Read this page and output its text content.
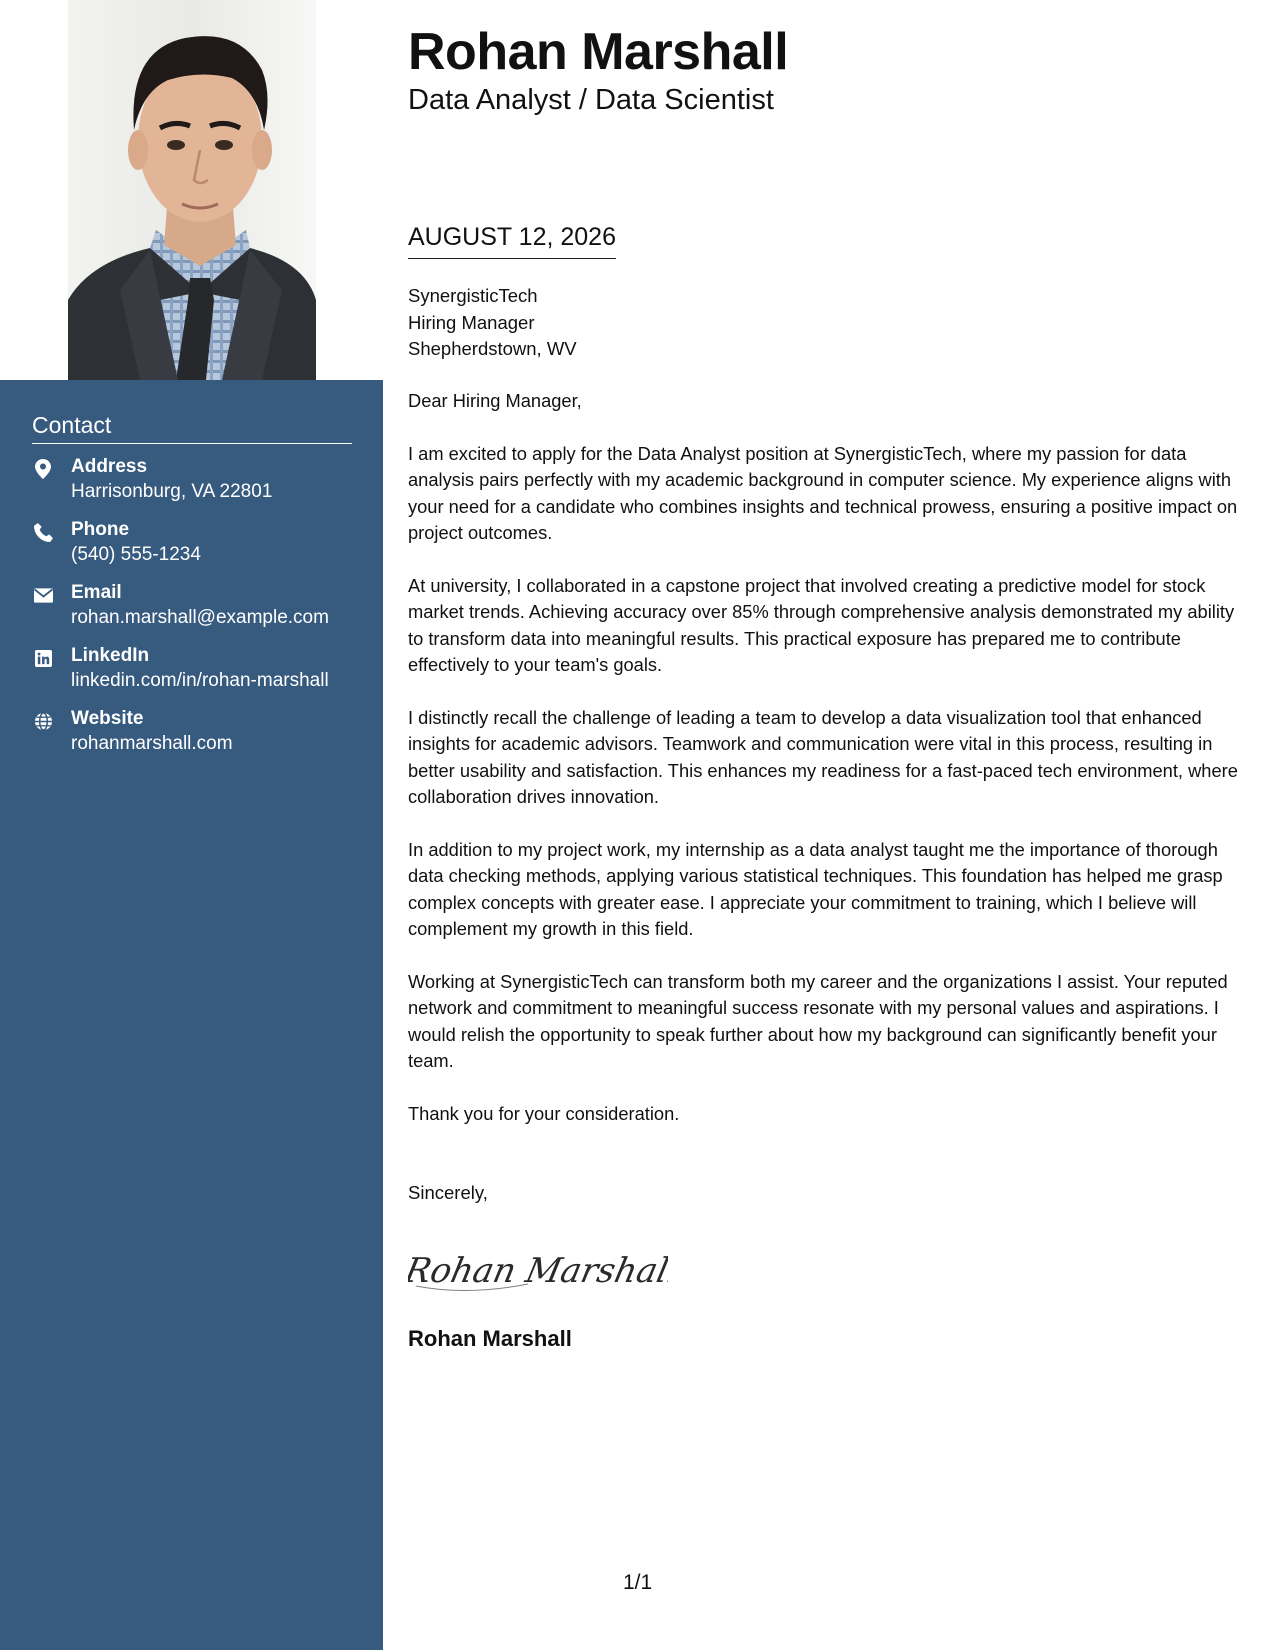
Contact
Address
Harrisonburg, VA 22801
Phone
(540) 555-1234
Email
rohan.marshall@example.com
LinkedIn
linkedin.com/in/rohan-marshall
Website
rohanmarshall.com
Rohan Marshall
Data Analyst / Data Scientist
AUGUST 12, 2026
SynergisticTech
Hiring Manager
Shepherdstown, WV

Dear Hiring Manager,

I am excited to apply for the Data Analyst position at SynergisticTech, where my passion for data analysis pairs perfectly with my academic background in computer science. My experience aligns with your need for a candidate who combines insights and technical prowess, ensuring a positive impact on project outcomes.

At university, I collaborated in a capstone project that involved creating a predictive model for stock market trends. Achieving accuracy over 85% through comprehensive analysis demonstrated my ability to transform data into meaningful results. This practical exposure has prepared me to contribute effectively to your team's goals.

I distinctly recall the challenge of leading a team to develop a data visualization tool that enhanced insights for academic advisors. Teamwork and communication were vital in this process, resulting in better usability and satisfaction. This enhances my readiness for a fast-paced tech environment, where collaboration drives innovation.

In addition to my project work, my internship as a data analyst taught me the importance of thorough data checking methods, applying various statistical techniques. This foundation has helped me grasp complex concepts with greater ease. I appreciate your commitment to training, which I believe will complement my growth in this field.

Working at SynergisticTech can transform both my career and the organizations I assist. Your reputed network and commitment to meaningful success resonate with my personal values and aspirations. I would relish the opportunity to speak further about how my background can significantly benefit your team.

Thank you for your consideration.

Sincerely,
Rohan Marshall
Rohan Marshall
1/1
